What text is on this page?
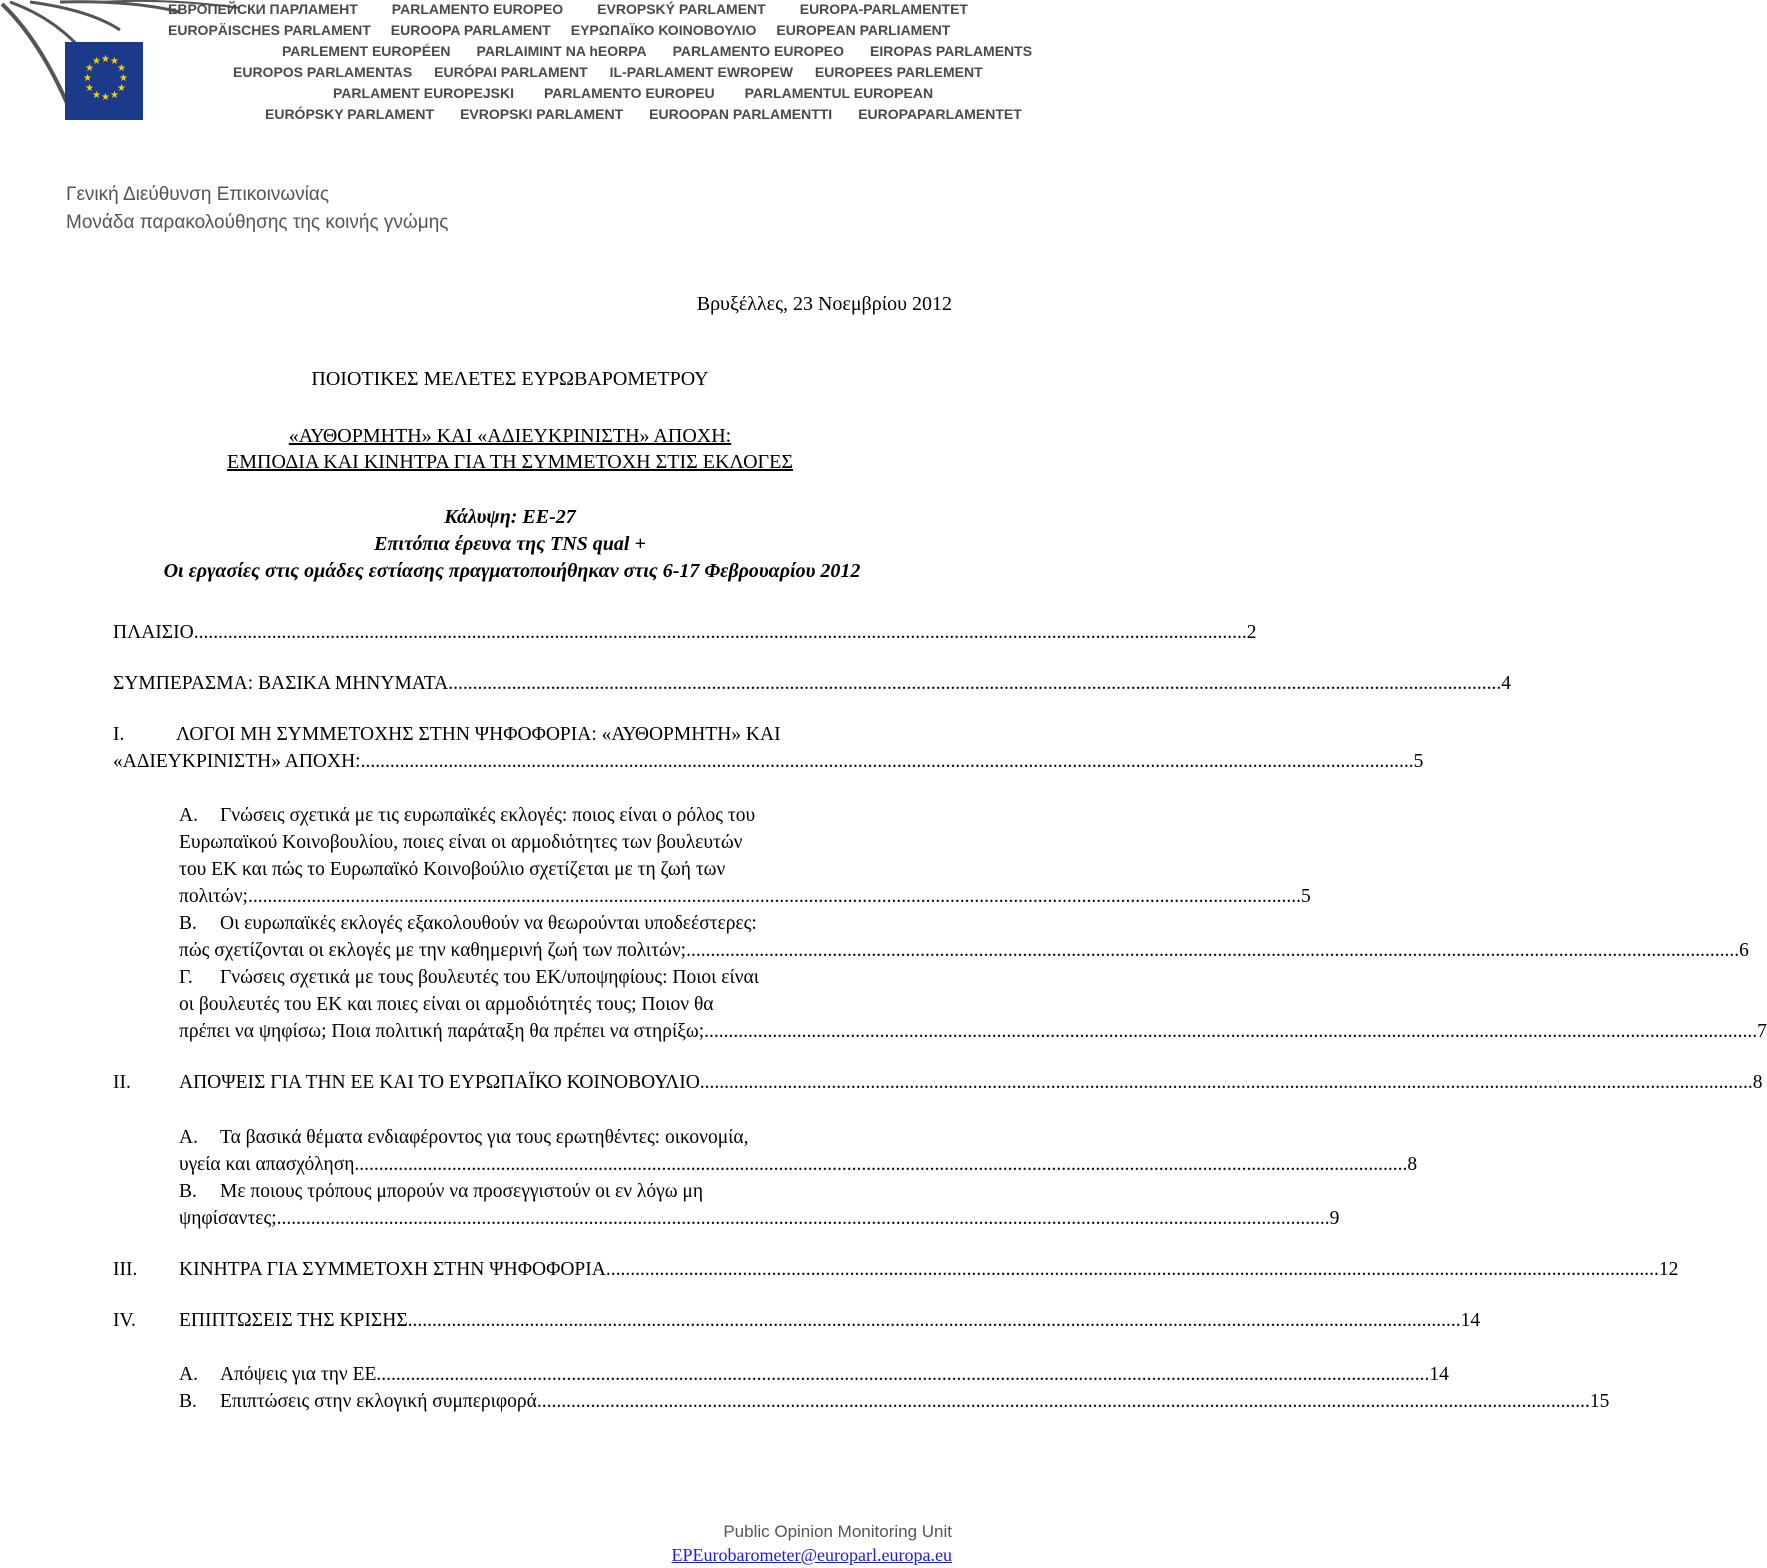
★ ★
★
★
★
★
★
★
★
★
★
★
ЕВРОПЕЙСКИ ПАРЛАМЕНТ PARLAMENTO EUROPEO EVROPSKÝ PARLAMENT EUROPA-PARLAMENTET
EUROPÄISCHES PARLAMENT EUROOPA PARLAMENT ΕΥΡΩΠΑΪΚΟ ΚΟΙΝΟΒΟΥΛΙΟ EUROPEAN PARLIAMENT
PARLEMENT EUROPÉEN PARLAIMINT NA hEORPA PARLAMENTO EUROPEO EIROPAS PARLAMENTS
EUROPOS PARLAMENTAS EURÓPAI PARLAMENT IL-PARLAMENT EWROPEW EUROPEES PARLEMENT
PARLAMENT EUROPEJSKI PARLAMENTO EUROPEU PARLAMENTUL EUROPEAN
EURÓPSKY PARLAMENT EVROPSKI PARLAMENT EUROOPAN PARLAMENTTI EUROPAPARLAMENTET
Γενική Διεύθυνση Επικοινωνίας
Μονάδα παρακολούθησης της κοινής γνώμης
Βρυξέλλες, 23 Νοεμβρίου 2012
ΠΟΙΟΤΙΚΕΣ ΜΕΛΕΤΕΣ ΕΥΡΩΒΑΡΟΜΕΤΡΟΥ
«ΑΥΘΟΡΜΗΤΗ» ΚΑΙ «ΑΔΙΕΥΚΡΙΝΙΣΤΗ» ΑΠΟΧΗ:
ΕΜΠΟΔΙΑ ΚΑΙ ΚΙΝΗΤΡΑ ΓΙΑ ΤΗ ΣΥΜΜΕΤΟΧΗ ΣΤΙΣ ΕΚΛΟΓΕΣ
Κάλυψη: ΕΕ-27
Επιτόπια έρευνα της TNS qual +
Οι εργασίες στις ομάδες εστίασης πραγματοποιήθηκαν στις 6-17 Φεβρουαρίου 2012
ΠΛΑΙΣΙΟ .....	2
ΣΥΜΠΕΡΑΣΜΑ: ΒΑΣΙΚΑ ΜΗΝΥΜΑΤΑ .....	4
I.	ΛΟΓΟΙ ΜΗ ΣΥΜΜΕΤΟΧΗΣ ΣΤΗΝ ΨΗΦΟΦΟΡΙΑ: «ΑΥΘΟΡΜΗΤΗ» ΚΑΙ
«ΑΔΙΕΥΚΡΙΝΙΣΤΗ» ΑΠΟΧΗ: .....	5
A. Γνώσεις σχετικά με τις ευρωπαϊκές εκλογές: ποιος είναι ο ρόλος του
Ευρωπαϊκού Κοινοβουλίου, ποιες είναι οι αρμοδιότητες των βουλευτών
του ΕΚ και πώς το Ευρωπαϊκό Κοινοβούλιο σχετίζεται με τη ζωή των
πολιτών; .....	5
B. Οι ευρωπαϊκές εκλογές εξακολουθούν να θεωρούνται υποδεέστερες:
πώς σχετίζονται οι εκλογές με την καθημερινή ζωή των πολιτών; .....	6
Γ. Γνώσεις σχετικά με τους βουλευτές του ΕΚ/υποψηφίους: Ποιοι είναι
οι βουλευτές του ΕΚ και ποιες είναι οι αρμοδιότητές τους; Ποιον θα
πρέπει να ψηφίσω; Ποια πολιτική παράταξη θα πρέπει να στηρίξω; .....	7
II. ΑΠΟΨΕΙΣ ΓΙΑ ΤΗΝ ΕΕ ΚΑΙ ΤΟ ΕΥΡΩΠΑΪΚΟ ΚΟΙΝΟΒΟΥΛΙΟ .....	8
A. Τα βασικά θέματα ενδιαφέροντος για τους ερωτηθέντες: οικονομία,
υγεία και απασχόληση .....	8
B. Με ποιους τρόπους μπορούν να προσεγγιστούν οι εν λόγω μη
ψηφίσαντες; .....	9
III. ΚΙΝΗΤΡΑ ΓΙΑ ΣΥΜΜΕΤΟΧΗ ΣΤΗΝ ΨΗΦΟΦΟΡΙΑ .....	12
IV. ΕΠΙΠΤΩΣΕΙΣ ΤΗΣ ΚΡΙΣΗΣ .....	14
A. Απόψεις για την ΕΕ .....	14
B. Επιπτώσεις στην εκλογική συμπεριφορά .....	15
Public Opinion Monitoring Unit
EPEurobarometer@europarl.europa.eu
